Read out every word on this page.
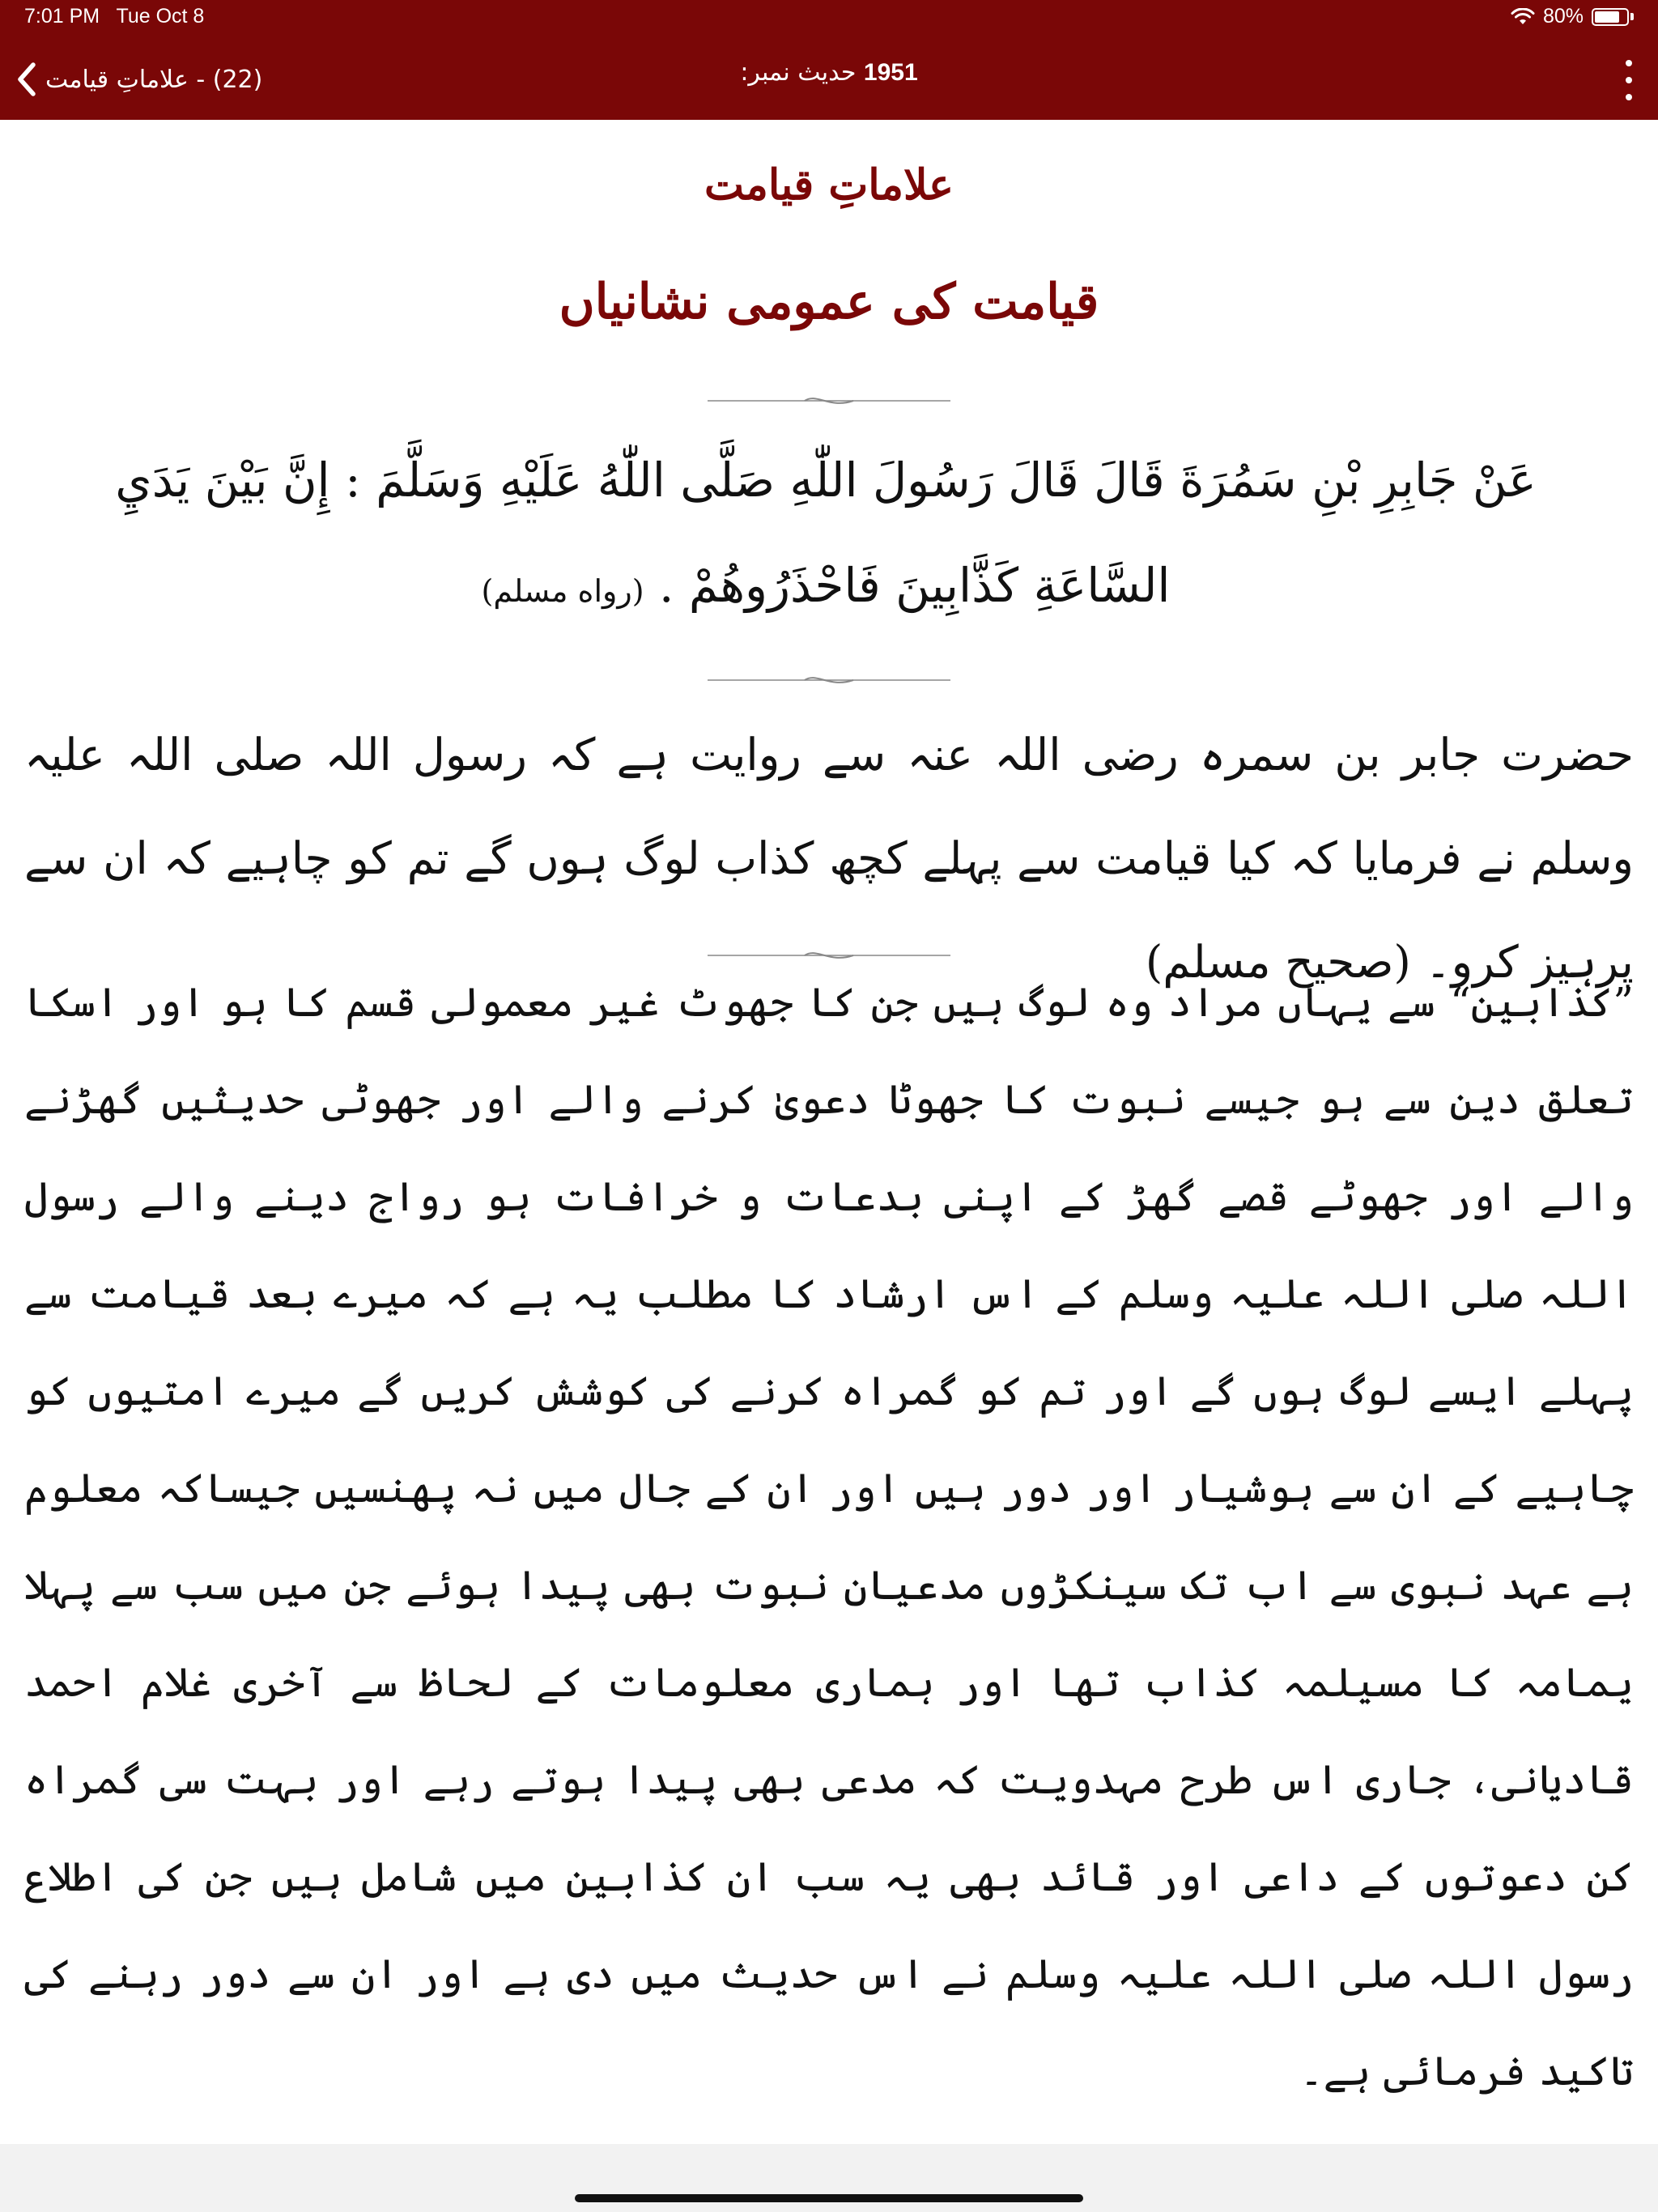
7:01 PM Tue Oct 8	80%
(22) - علاماتِ قیامت	حدیث نمبر: 1951
علاماتِ قیامت
قیامت کی عمومی نشانیاں
عَنْ جَابِرِ بْنِ سَمُرَةَ قَالَ قَالَ رَسُولَ اللّٰهِ صَلَّى اللّٰهُ عَلَيْهِ وَسَلَّمَ : إِنَّ بَيْنَ يَدَيِ السَّاعَةِ كَذَّابِينَ فَاحْذَرُوهُمْ . (رواه مسلم)
حضرت جابر بن سمرہ رضی اللہ عنہ سے روایت ہے کہ رسول اللہ صلی اللہ علیہ وسلم نے فرمایا کہ کیا قیامت سے پہلے کچھ کذاب لوگ ہوں گے تم کو چاہیے کہ ان سے پرہیز کرو۔ (صحیح مسلم)
”کذابین“ سے یہاں مراد وہ لوگ ہیں جن کا جھوٹ غیر معمولی قسم کا ہو اور اسکا تعلق دین سے ہو جیسے نبوت کا جھوٹا دعویٰ کرنے والے اور جھوٹی حدیثیں گھڑنے والے اور جھوٹے قصے گھڑ کے اپنی بدعات و خرافات ہو رواج دینے والے رسول اللہ صلی اللہ علیہ وسلم کے اس ارشاد کا مطلب یہ ہے کہ میرے بعد قیامت سے پہلے ایسے لوگ ہوں گے اور تم کو گمراہ کرنے کی کوشش کریں گے میرے امتیوں کو چاہیے کے ان سے ہوشیار اور دور ہیں اور ان کے جال میں نہ پھنسیں جیساکہ معلوم ہے عہد نبوی سے اب تک سینکڑوں مدعیان نبوت بھی پیدا ہوئے جن میں سب سے پہلا یمامہ کا مسیلمہ کذاب تھا اور ہماری معلومات کے لحاظ سے آخری غلام احمد قادیانی، جاری اس طرح مہدویت کہ مدعی بھی پیدا ہوتے رہے اور بہت سی گمراہ کن دعوتوں کے داعی اور قائد بھی یہ سب ان کذابین میں شامل ہیں جن کی اطلاع رسول اللہ صلی اللہ علیہ وسلم نے اس حدیث میں دی ہے اور ان سے دور رہنے کی تاکید فرمائی ہے۔
